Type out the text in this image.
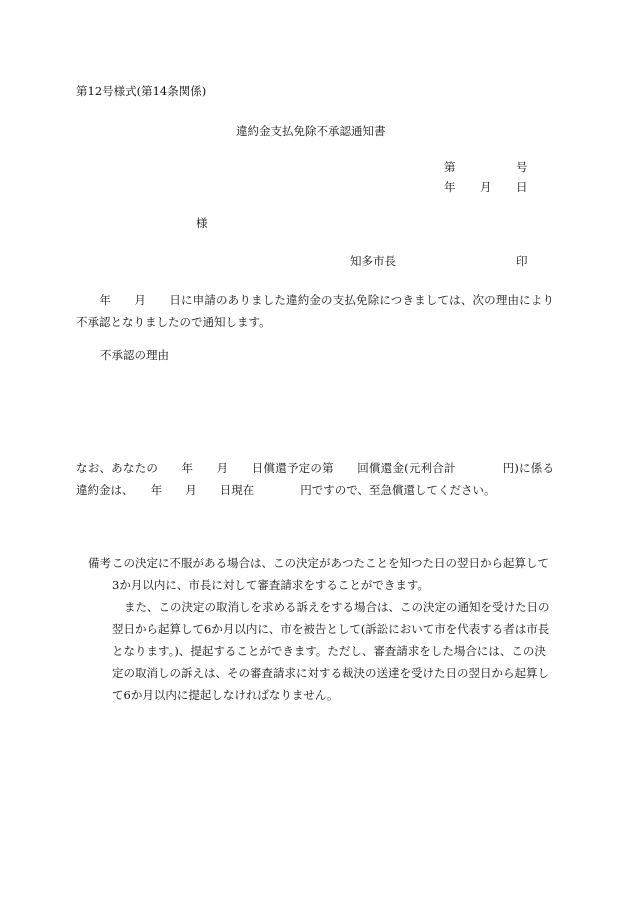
第12号様式(第14条関係)
違約金支払免除不承認通知書
第	号
年 月 日
様
知多市長	印
　　年　　月　　日に申請のありました違約金の支払免除につきましては、次の理由により不承認となりましたので通知します。
不承認の理由
なお、あなたの　　年　　月　　日償還予定の第　　回償還金(元利合計　　　　円)に係る違約金は、　　年　　月　　日現在　　　　円ですので、至急償還してください。
備考 この決定に不服がある場合は、この決定があつたことを知つた日の翌日から起算して3か月以内に、市長に対して審査請求をすることができます。

また、この決定の取消しを求める訴えをする場合は、この決定の通知を受けた日の翌日から起算して6か月以内に、市を被告として(訴訟において市を代表する者は市長となります。)、提起することができます。ただし、審査請求をした場合には、この決定の取消しの訴えは、その審査請求に対する裁決の送達を受けた日の翌日から起算して6か月以内に提起しなければなりません。
